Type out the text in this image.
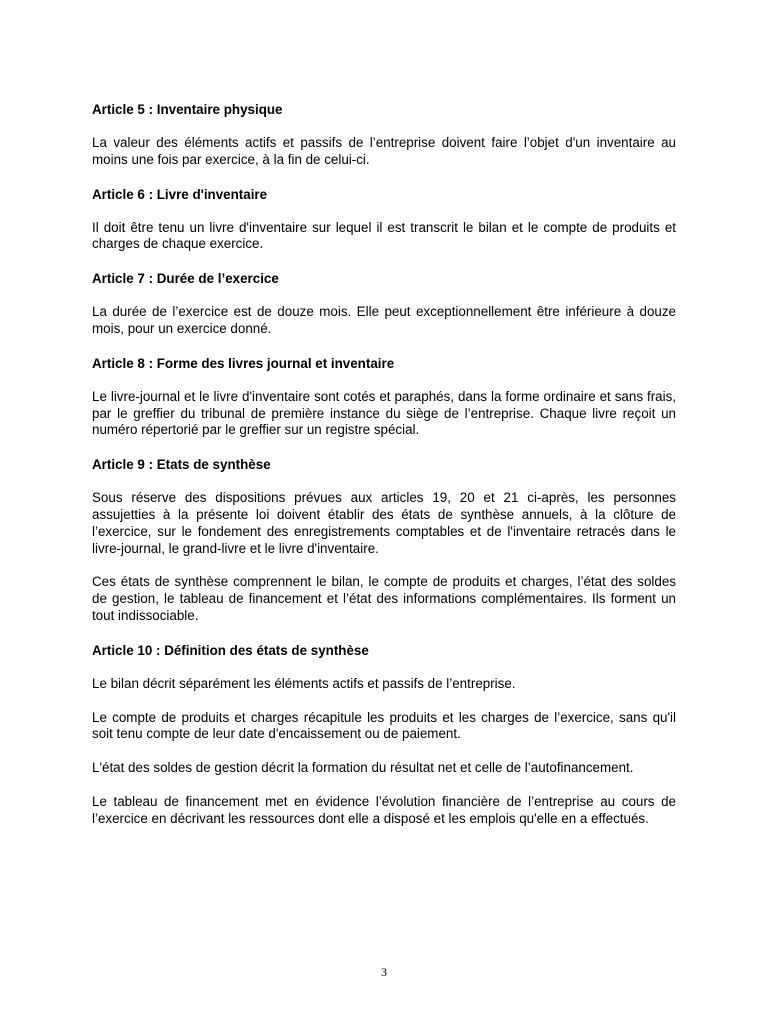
Article 5 : Inventaire physique

La valeur des éléments actifs et passifs de l’entreprise doivent faire l’objet d'un inventaire au moins une fois par exercice, à la fin de celui-ci.

Article 6 : Livre d'inventaire

Il doit être tenu un livre d'inventaire sur lequel il est transcrit le bilan et le compte de produits et charges de chaque exercice.

Article 7 : Durée de l’exercice

La durée de l’exercice est de douze mois. Elle peut exceptionnellement être inférieure à douze mois, pour un exercice donné.

Article 8 : Forme des livres journal et inventaire

Le livre-journal et le livre d'inventaire sont cotés et paraphés, dans la forme ordinaire et sans frais, par le greffier du tribunal de première instance du siège de l’entreprise. Chaque livre reçoit un numéro répertorié par le greffier sur un registre spécial.

Article 9 : Etats de synthèse

Sous réserve des dispositions prévues aux articles 19, 20 et 21 ci-après, les personnes assujetties à la présente loi doivent établir des états de synthèse annuels, à la clôture de l’exercice, sur le fondement des enregistrements comptables et de l'inventaire retracés dans le livre-journal, le grand-livre et le livre d'inventaire.

Ces états de synthèse comprennent le bilan, le compte de produits et charges, l’état des soldes de gestion, le tableau de financement et l’état des informations complémentaires. Ils forment un tout indissociable.

Article 10 : Définition des états de synthèse

Le bilan décrit séparément les éléments actifs et passifs de l’entreprise.

Le compte de produits et charges récapitule les produits et les charges de l’exercice, sans qu'il soit tenu compte de leur date d'encaissement ou de paiement.

L'état des soldes de gestion décrit la formation du résultat net et celle de l’autofinancement.

Le tableau de financement met en évidence l’évolution financière de l’entreprise au cours de l’exercice en décrivant les ressources dont elle a disposé et les emplois qu'elle en a effectués.

3
